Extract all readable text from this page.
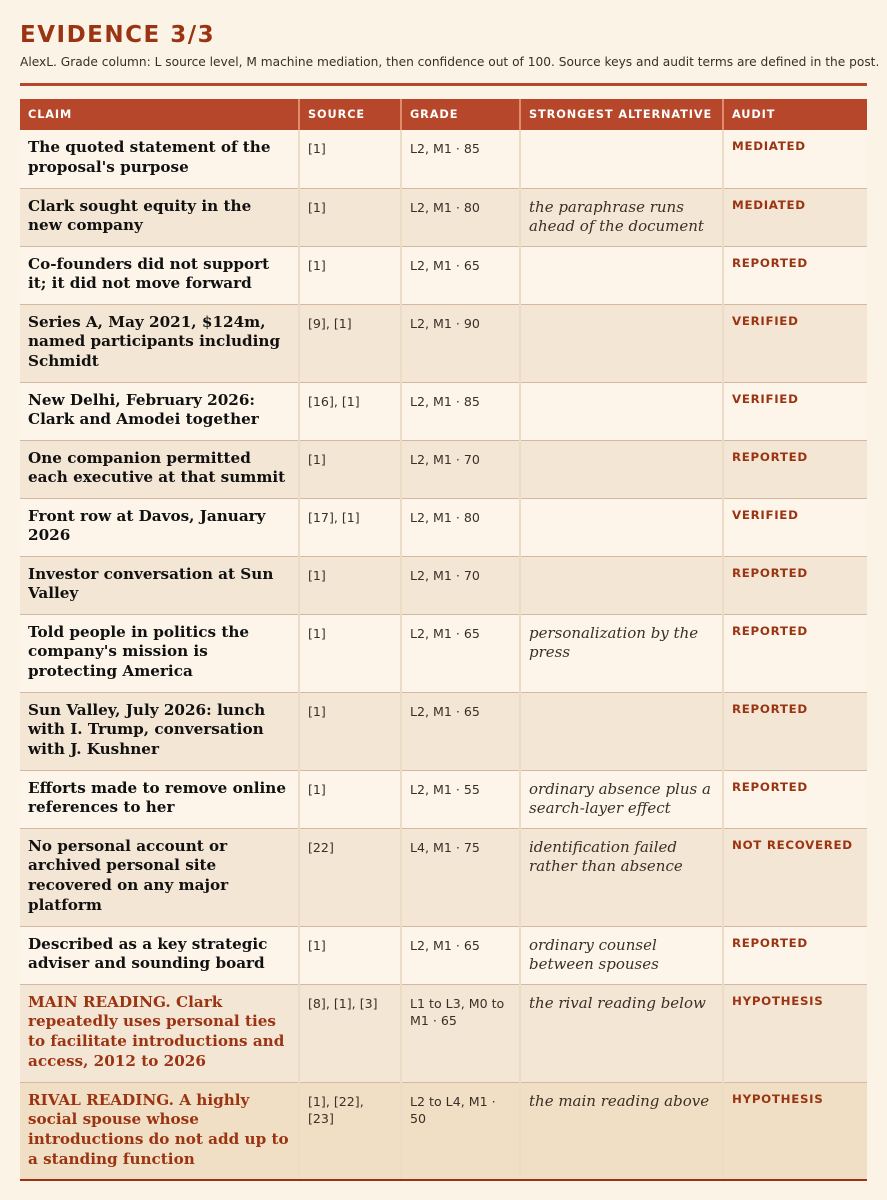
EVIDENCE 3/3
AlexL. Grade column: L source level, M machine mediation, then confidence out of 100. Source keys and audit terms are defined in the post.
CLAIM	SOURCE	GRADE	STRONGEST ALTERNATIVE	AUDIT
The quoted statement of the proposal's purpose	[1]	L2, M1 · 85		MEDIATED
Clark sought equity in the new company	[1]	L2, M1 · 80	the paraphrase runs ahead of the document	MEDIATED
Co-founders did not support it; it did not move forward	[1]	L2, M1 · 65		REPORTED
Series A, May 2021, $124m, named participants including Schmidt	[9], [1]	L2, M1 · 90		VERIFIED
New Delhi, February 2026: Clark and Amodei together	[16], [1]	L2, M1 · 85		VERIFIED
One companion permitted each executive at that summit	[1]	L2, M1 · 70		REPORTED
Front row at Davos, January 2026	[17], [1]	L2, M1 · 80		VERIFIED
Investor conversation at Sun Valley	[1]	L2, M1 · 70		REPORTED
Told people in politics the company's mission is protecting America	[1]	L2, M1 · 65	personalization by the press	REPORTED
Sun Valley, July 2026: lunch with I. Trump, conversation with J. Kushner	[1]	L2, M1 · 65		REPORTED
Efforts made to remove online references to her	[1]	L2, M1 · 55	ordinary absence plus a search-layer effect	REPORTED
No personal account or archived personal site recovered on any major platform	[22]	L4, M1 · 75	identification failed rather than absence	NOT RECOVERED
Described as a key strategic adviser and sounding board	[1]	L2, M1 · 65	ordinary counsel between spouses	REPORTED
MAIN READING. Clark repeatedly uses personal ties to facilitate introductions and access, 2012 to 2026	[8], [1], [3]	L1 to L3, M0 to M1 · 65	the rival reading below	HYPOTHESIS
RIVAL READING. A highly social spouse whose introductions do not add up to a standing function	[1], [22], [23]	L2 to L4, M1 · 50	the main reading above	HYPOTHESIS
